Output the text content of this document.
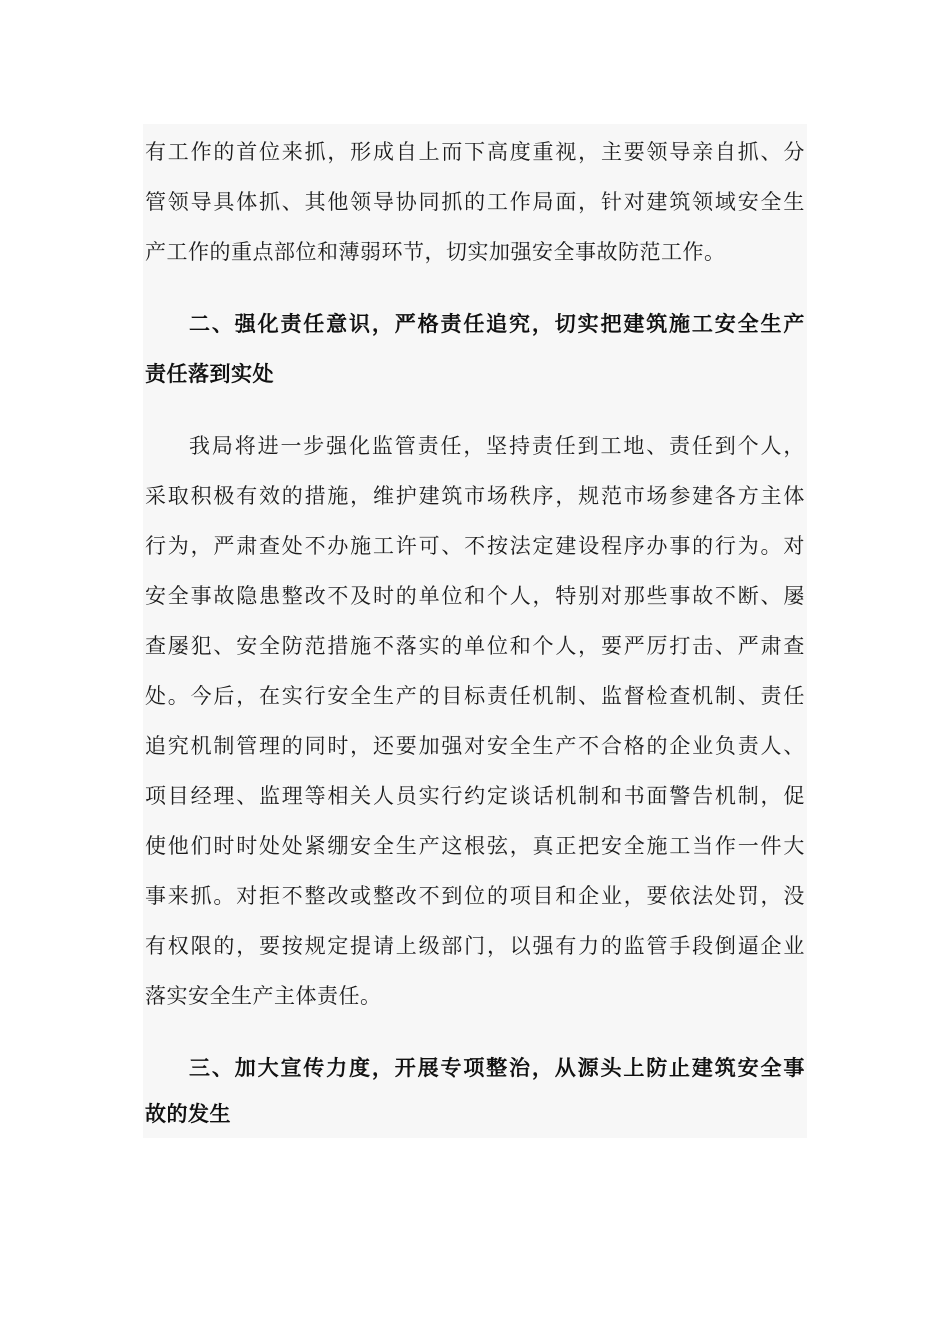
有 工 作 的 首 位 来 抓 ， 形 成 自 上 而 下 高 度 重 视 ， 主 要 领 导 亲 自 抓 、 分
管 领 导 具 体 抓 、 其 他 领 导 协 同 抓 的 工 作 局 面 ， 针 对 建 筑 领 域 安 全 生
产工作的重点部位和薄弱环节，切实加强安全事故防范工作。
二 、 强 化 责 任 意 识 ， 严 格 责 任 追 究 ， 切 实 把 建 筑 施 工 安 全 生 产
责任落到实处
我 局 将 进 一 步 强 化 监 管 责 任 ， 坚 持 责 任 到 工 地 、 责 任 到 个 人 ，
采 取 积 极 有 效 的 措 施 ， 维 护 建 筑 市 场 秩 序 ， 规 范 市 场 参 建 各 方 主 体
行 为 ， 严 肃 查 处 不 办 施 工 许 可 、 不 按 法 定 建 设 程 序 办 事 的 行 为 。 对
安 全 事 故 隐 患 整 改 不 及 时 的 单 位 和 个 人 ， 特 别 对 那 些 事 故 不 断 、 屡
查 屡 犯 、 安 全 防 范 措 施 不 落 实 的 单 位 和 个 人 ， 要 严 厉 打 击 、 严 肃 查
处 。 今 后 ， 在 实 行 安 全 生 产 的 目 标 责 任 机 制 、 监 督 检 查 机 制 、 责 任
追 究 机 制 管 理 的 同 时 ， 还 要 加 强 对 安 全 生 产 不 合 格 的 企 业 负 责 人 、
项 目 经 理 、 监 理 等 相 关 人 员 实 行 约 定 谈 话 机 制 和 书 面 警 告 机 制 ， 促
使 他 们 时 时 处 处 紧 绷 安 全 生 产 这 根 弦 ， 真 正 把 安 全 施 工 当 作 一 件 大
事 来 抓 。 对 拒 不 整 改 或 整 改 不 到 位 的 项 目 和 企 业 ， 要 依 法 处 罚 ， 没
有 权 限 的 ， 要 按 规 定 提 请 上 级 部 门 ， 以 强 有 力 的 监 管 手 段 倒 逼 企 业
落实安全生产主体责任。
三 、 加 大 宣 传 力 度 ， 开 展 专 项 整 治 ， 从 源 头 上 防 止 建 筑 安 全 事
故的发生
